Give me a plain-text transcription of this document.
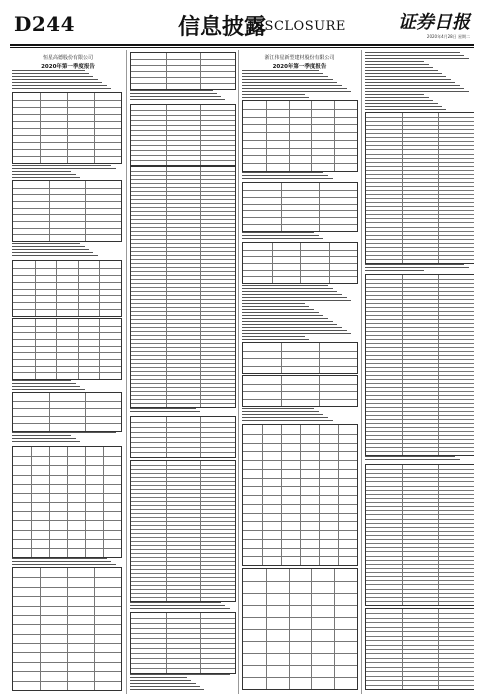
D244	信息披露
DISCLOSURE	证券日报
2020年4月28日 星期二
恒星高德股份有限公司
2020年第一季度报告
浙江伟星新型建材股份有限公司
2020年第一季度报告
